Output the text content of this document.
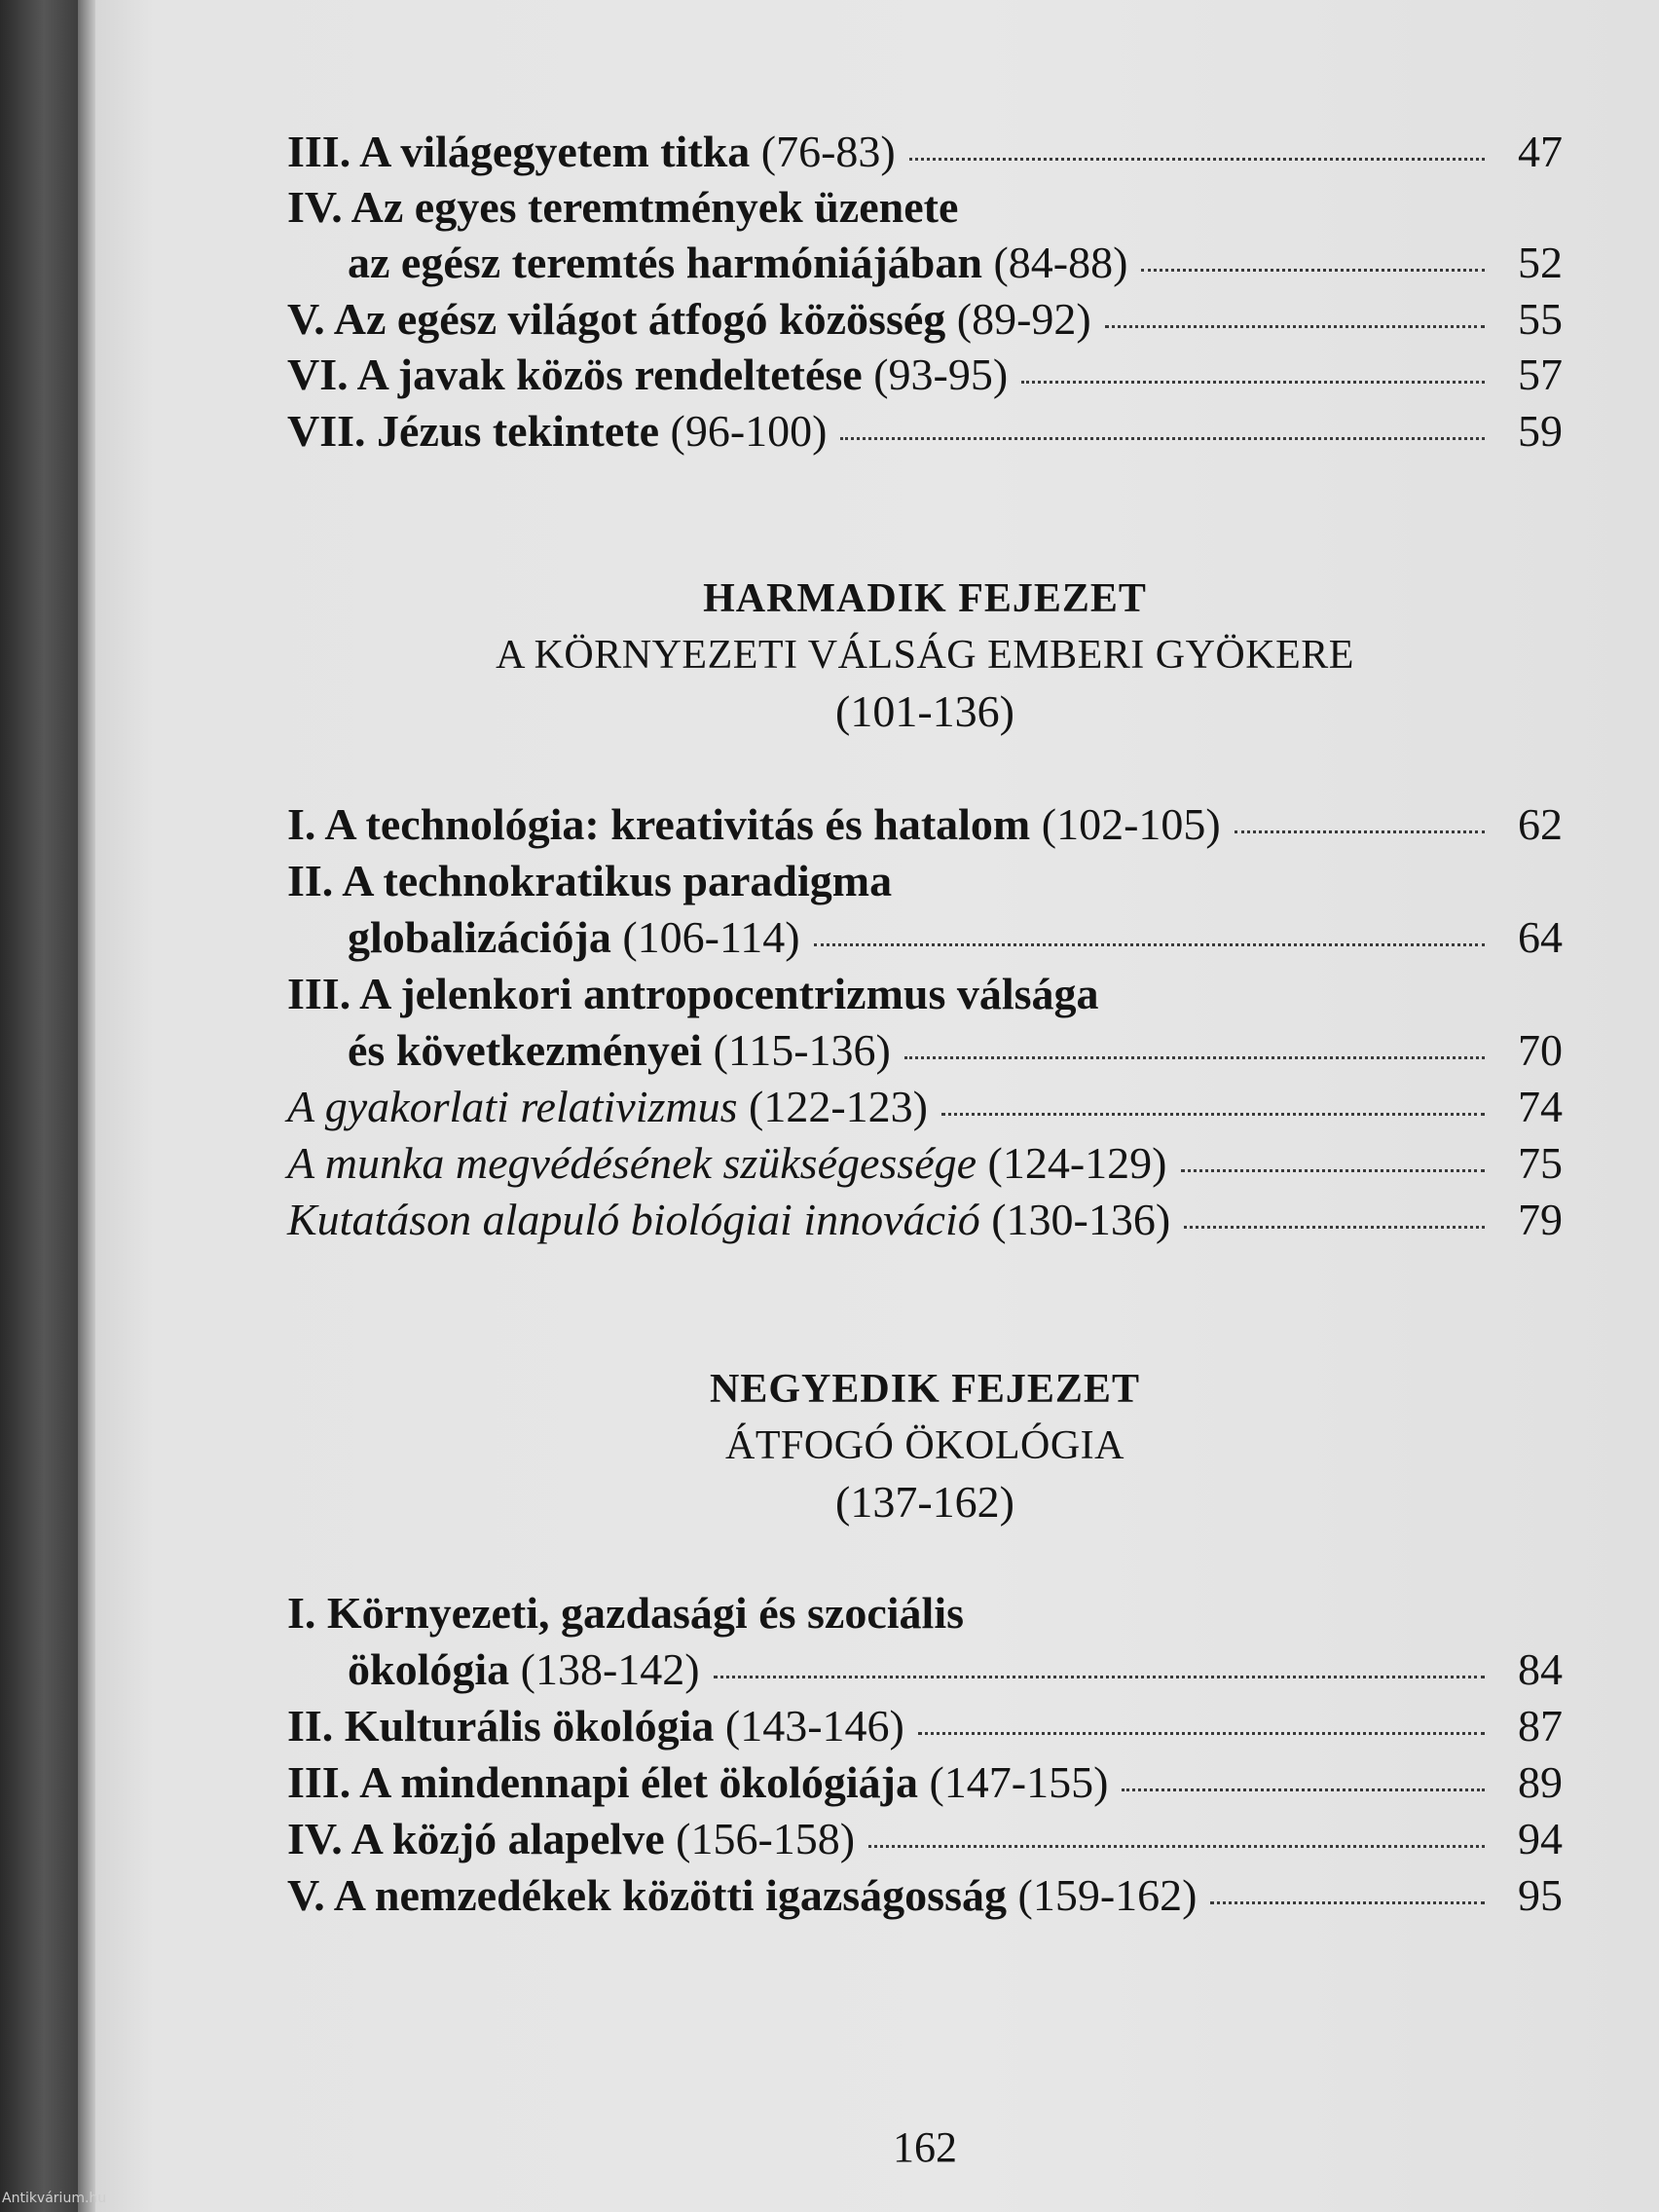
III. A világegyetem titka (76-83)	47
IV. Az egyes teremtmények üzenete
az egész teremtés harmóniájában (84-88)	52
V. Az egész világot átfogó közösség (89-92)	55
VI. A javak közös rendeltetése (93-95)	57
VII. Jézus tekintete (96-100)	59
HARMADIK FEJEZET
A KÖRNYEZETI VÁLSÁG EMBERI GYÖKERE
(101-136)
I. A technológia: kreativitás és hatalom (102-105)	62
II. A technokratikus paradigma
globalizációja (106-114)	64
III. A jelenkori antropocentrizmus válsága
és következményei (115-136)	70
A gyakorlati relativizmus (122-123)	74
A munka megvédésének szükségessége (124-129)	75
Kutatáson alapuló biológiai innováció (130-136)	79
NEGYEDIK FEJEZET
ÁTFOGÓ ÖKOLÓGIA
(137-162)
I. Környezeti, gazdasági és szociális
ökológia (138-142)	84
II. Kulturális ökológia (143-146)	87
III. A mindennapi élet ökológiája (147-155)	89
IV. A közjó alapelve (156-158)	94
V. A nemzedékek közötti igazságosság (159-162)	95
162
Antikvárium.hu
